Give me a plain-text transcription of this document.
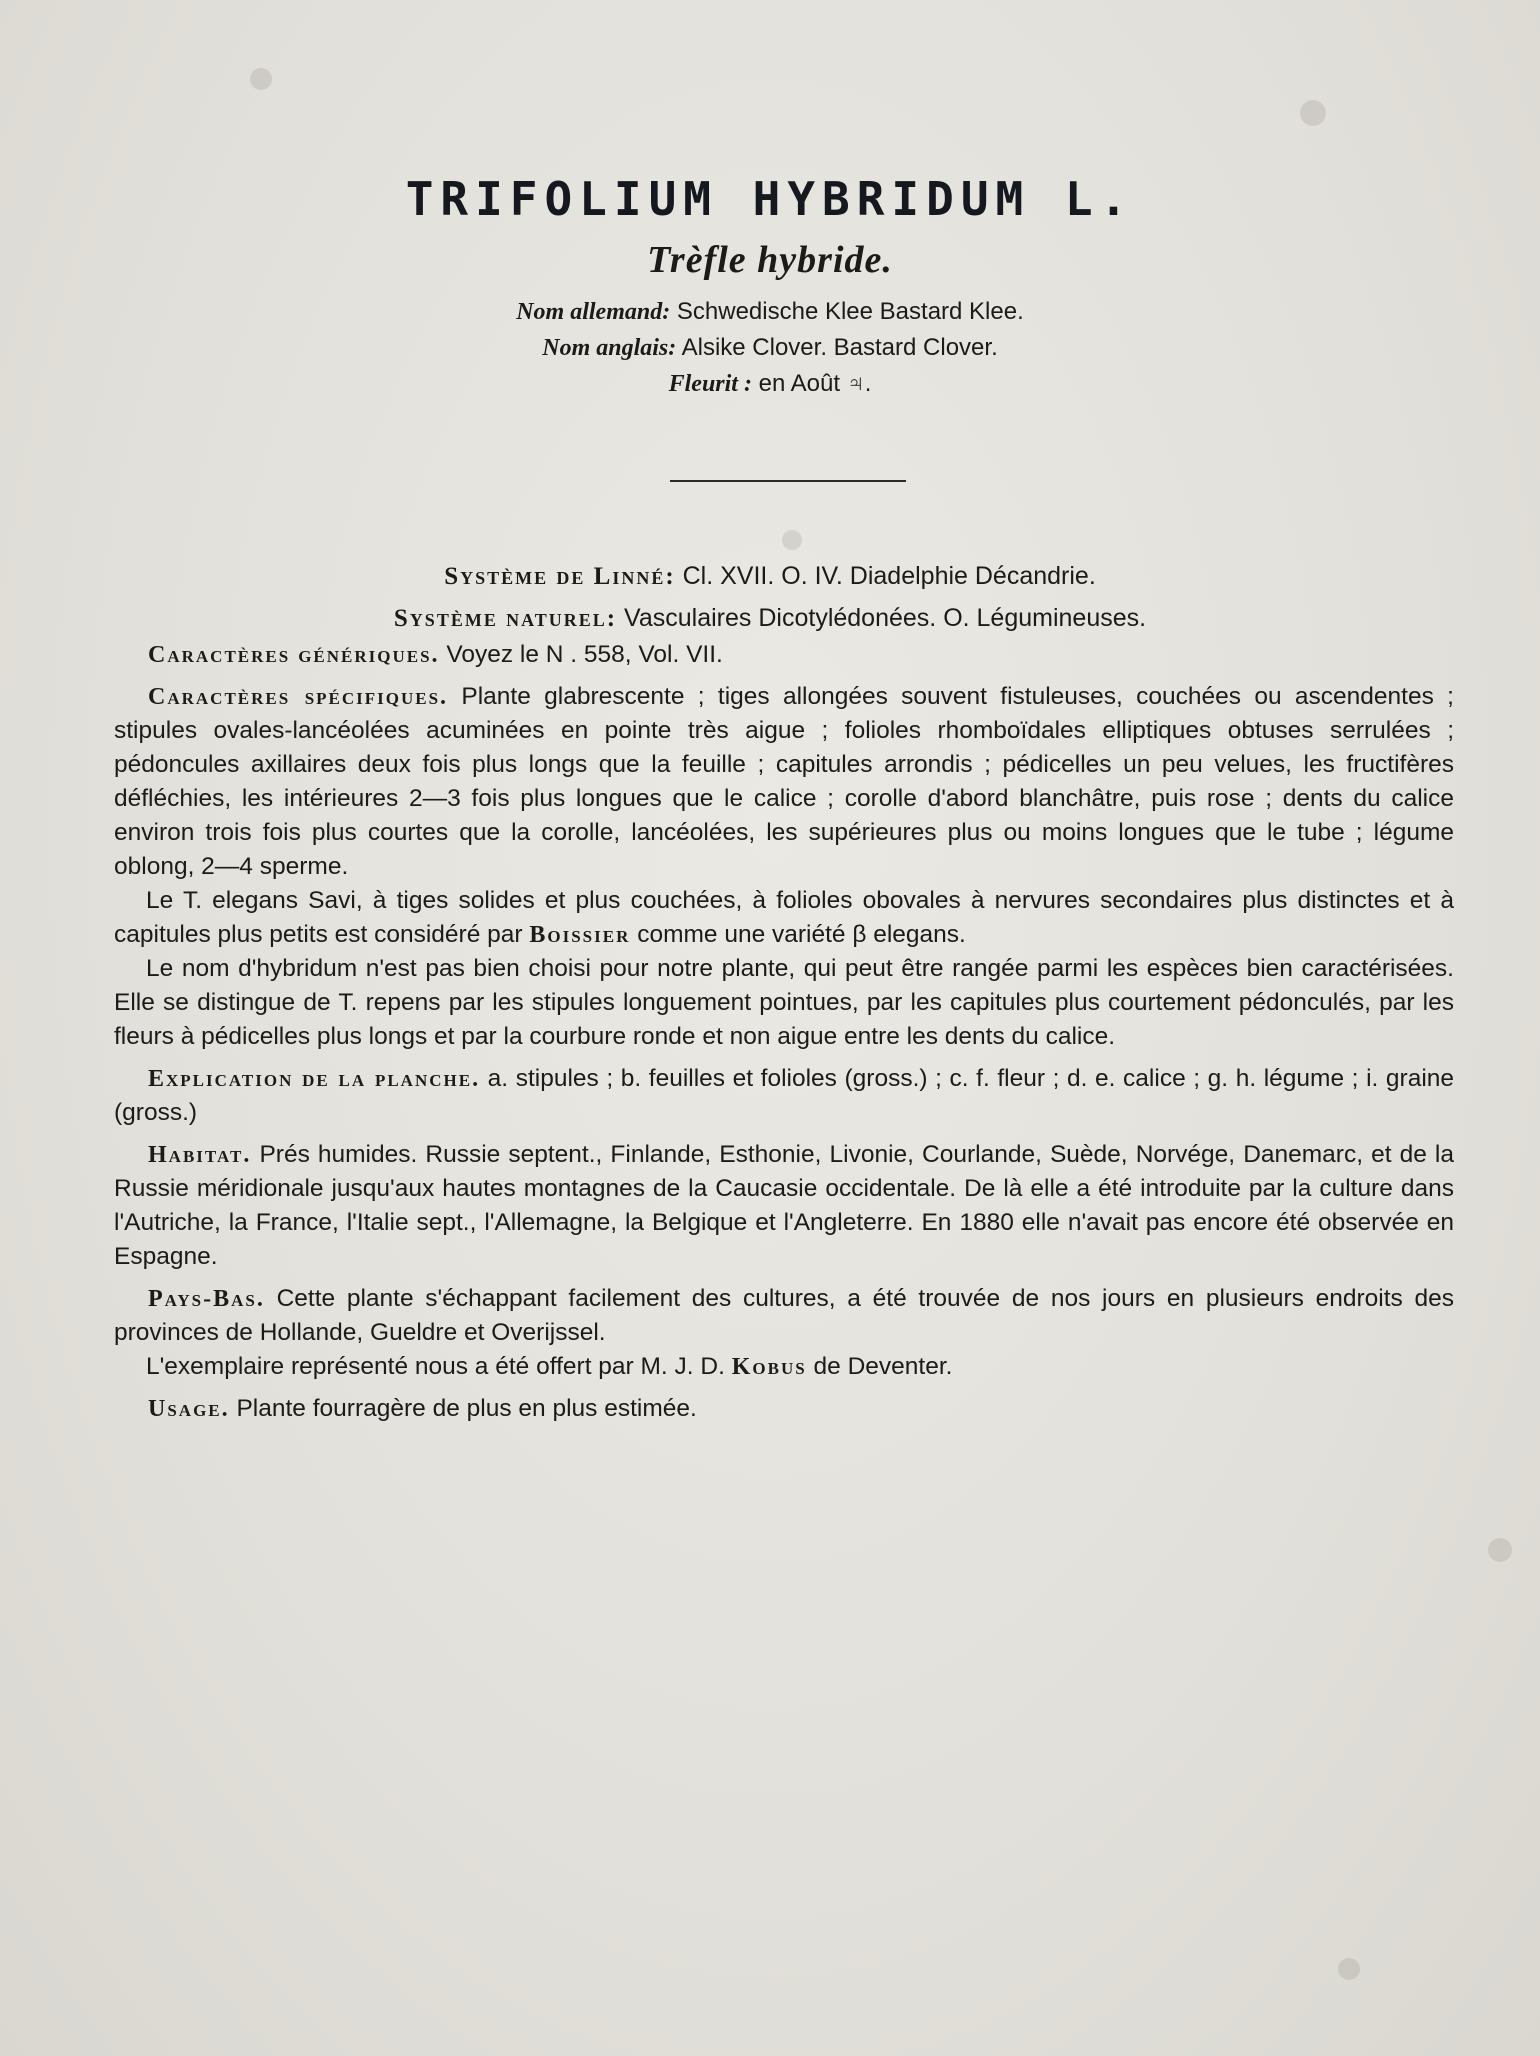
TRIFOLIUM HYBRIDUM L.
Trèfle hybride.
Nom allemand: Schwedische Klee Bastard Klee.
Nom anglais: Alsike Clover. Bastard Clover.
Fleurit : en Août ♃.
Système de Linné: Cl. XVII. O. IV. Diadelphie Décandrie.
Système naturel: Vasculaires Dicotylédonées. O. Légumineuses.

Caractères génériques. Voyez le N . 558, Vol. VII.

Caractères spécifiques. Plante glabrescente ; tiges allongées souvent fistuleuses, couchées ou ascendentes ; stipules ovales-lancéolées acuminées en pointe très aigue ; folioles rhomboïdales elliptiques obtuses serrulées ; pédoncules axillaires deux fois plus longs que la feuille ; capitules arrondis ; pédicelles un peu velues, les fructifères défléchies, les intérieures 2—3 fois plus longues que le calice ; corolle d'abord blanchâtre, puis rose ; dents du calice environ trois fois plus courtes que la corolle, lancéolées, les supérieures plus ou moins longues que le tube ; légume oblong, 2—4 sperme.

Le T. elegans Savi, à tiges solides et plus couchées, à folioles obovales à nervures secondaires plus distinctes et à capitules plus petits est considéré par Boissier comme une variété β elegans.

Le nom d'hybridum n'est pas bien choisi pour notre plante, qui peut être rangée parmi les espèces bien caractérisées. Elle se distingue de T. repens par les stipules longuement pointues, par les capitules plus courtement pédonculés, par les fleurs à pédicelles plus longs et par la courbure ronde et non aigue entre les dents du calice.

Explication de la planche. a. stipules ; b. feuilles et folioles (gross.) ; c. f. fleur ; d. e. calice ; g. h. légume ; i. graine (gross.)

Habitat. Prés humides. Russie septent., Finlande, Esthonie, Livonie, Courlande, Suède, Norvége, Danemarc, et de la Russie méridionale jusqu'aux hautes montagnes de la Caucasie occidentale. De là elle a été introduite par la culture dans l'Autriche, la France, l'Italie sept., l'Allemagne, la Belgique et l'Angleterre. En 1880 elle n'avait pas encore été observée en Espagne.

Pays-Bas. Cette plante s'échappant facilement des cultures, a été trouvée de nos jours en plusieurs endroits des provinces de Hollande, Gueldre et Overijssel.

L'exemplaire représenté nous a été offert par M. J. D. Kobus de Deventer.

Usage. Plante fourragère de plus en plus estimée.
